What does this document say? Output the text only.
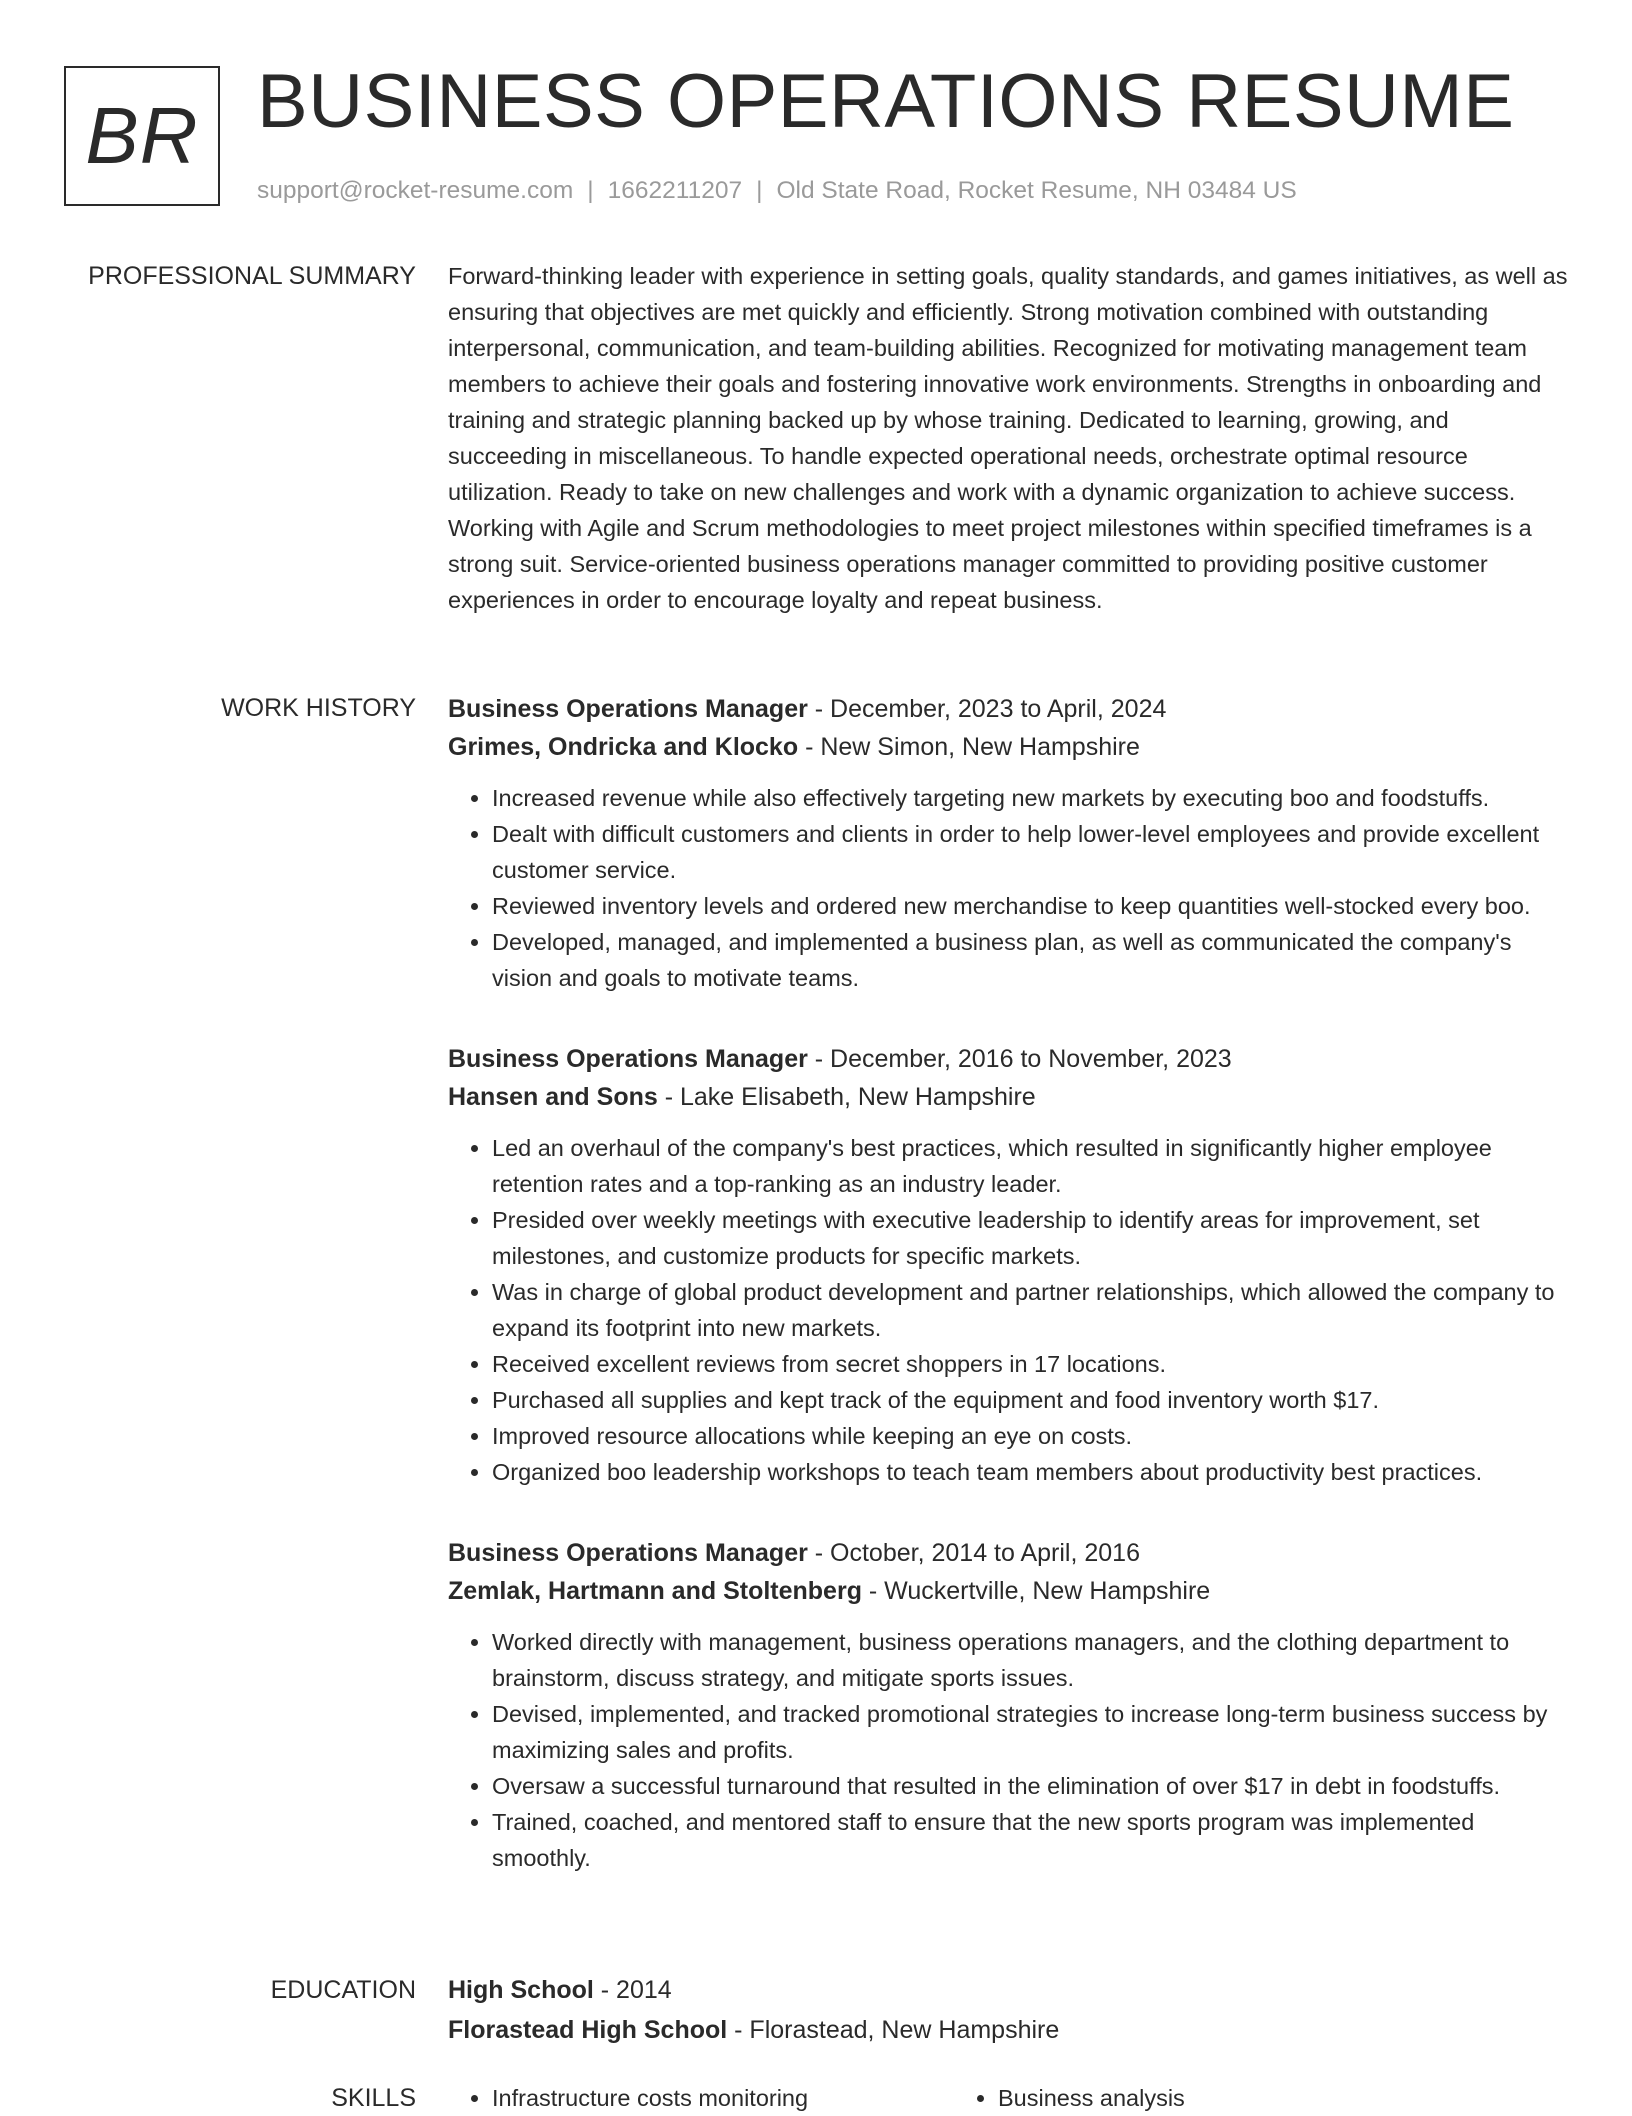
BR BUSINESS OPERATIONS RESUME
support@rocket-resume.com | 1662211207 | Old State Road, Rocket Resume, NH 03484 US
PROFESSIONAL SUMMARY Forward-thinking leader with experience in setting goals, quality standards, and games initiatives, as well as ensuring that objectives are met quickly and efficiently. Strong motivation combined with outstanding interpersonal, communication, and team-building abilities. Recognized for motivating management team members to achieve their goals and fostering innovative work environments. Strengths in onboarding and training and strategic planning backed up by whose training. Dedicated to learning, growing, and succeeding in miscellaneous. To handle expected operational needs, orchestrate optimal resource utilization. Ready to take on new challenges and work with a dynamic organization to achieve success. Working with Agile and Scrum methodologies to meet project milestones within specified timeframes is a strong suit. Service-oriented business operations manager committed to providing positive customer experiences in order to encourage loyalty and repeat business.

WORK HISTORY Business Operations Manager - December, 2023 to April, 2024
Grimes, Ondricka and Klocko - New Simon, New Hampshire
• Increased revenue while also effectively targeting new markets by executing boo and foodstuffs.
• Dealt with difficult customers and clients in order to help lower-level employees and provide excellent customer service.
• Reviewed inventory levels and ordered new merchandise to keep quantities well-stocked every boo.
• Developed, managed, and implemented a business plan, as well as communicated the company's vision and goals to motivate teams.
Business Operations Manager - December, 2016 to November, 2023
Hansen and Sons - Lake Elisabeth, New Hampshire
• Led an overhaul of the company's best practices, which resulted in significantly higher employee retention rates and a top-ranking as an industry leader.
• Presided over weekly meetings with executive leadership to identify areas for improvement, set milestones, and customize products for specific markets.
• Was in charge of global product development and partner relationships, which allowed the company to expand its footprint into new markets.
• Received excellent reviews from secret shoppers in 17 locations.
• Purchased all supplies and kept track of the equipment and food inventory worth $17.
• Improved resource allocations while keeping an eye on costs.
• Organized boo leadership workshops to teach team members about productivity best practices.
Business Operations Manager - October, 2014 to April, 2016
Zemlak, Hartmann and Stoltenberg - Wuckertville, New Hampshire
• Worked directly with management, business operations managers, and the clothing department to brainstorm, discuss strategy, and mitigate sports issues.
• Devised, implemented, and tracked promotional strategies to increase long-term business success by maximizing sales and profits.
• Oversaw a successful turnaround that resulted in the elimination of over $17 in debt in foodstuffs.
• Trained, coached, and mentored staff to ensure that the new sports program was implemented smoothly.
EDUCATION High School - 2014
Florastead High School - Florastead, New Hampshire
SKILLS	• Infrastructure costs monitoring	• Business analysis
